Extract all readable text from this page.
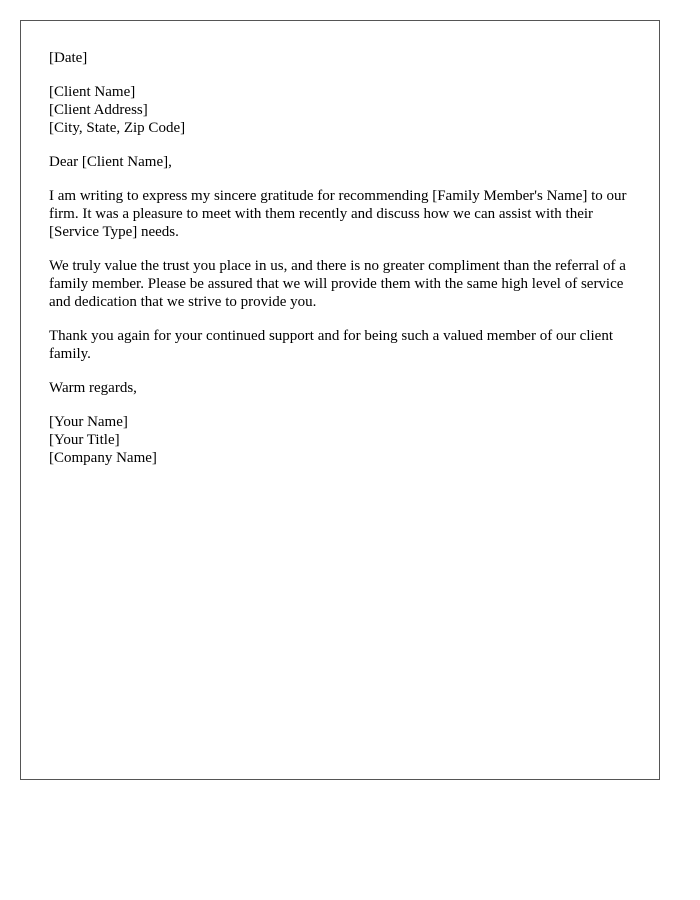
[Date]

[Client Name]
[Client Address]
[City, State, Zip Code]

Dear [Client Name],

I am writing to express my sincere gratitude for recommending [Family Member's Name] to our firm. It was a pleasure to meet with them recently and discuss how we can assist with their [Service Type] needs.

We truly value the trust you place in us, and there is no greater compliment than the referral of a family member. Please be assured that we will provide them with the same high level of service and dedication that we strive to provide you.

Thank you again for your continued support and for being such a valued member of our client family.

Warm regards,

[Your Name]
[Your Title]
[Company Name]
